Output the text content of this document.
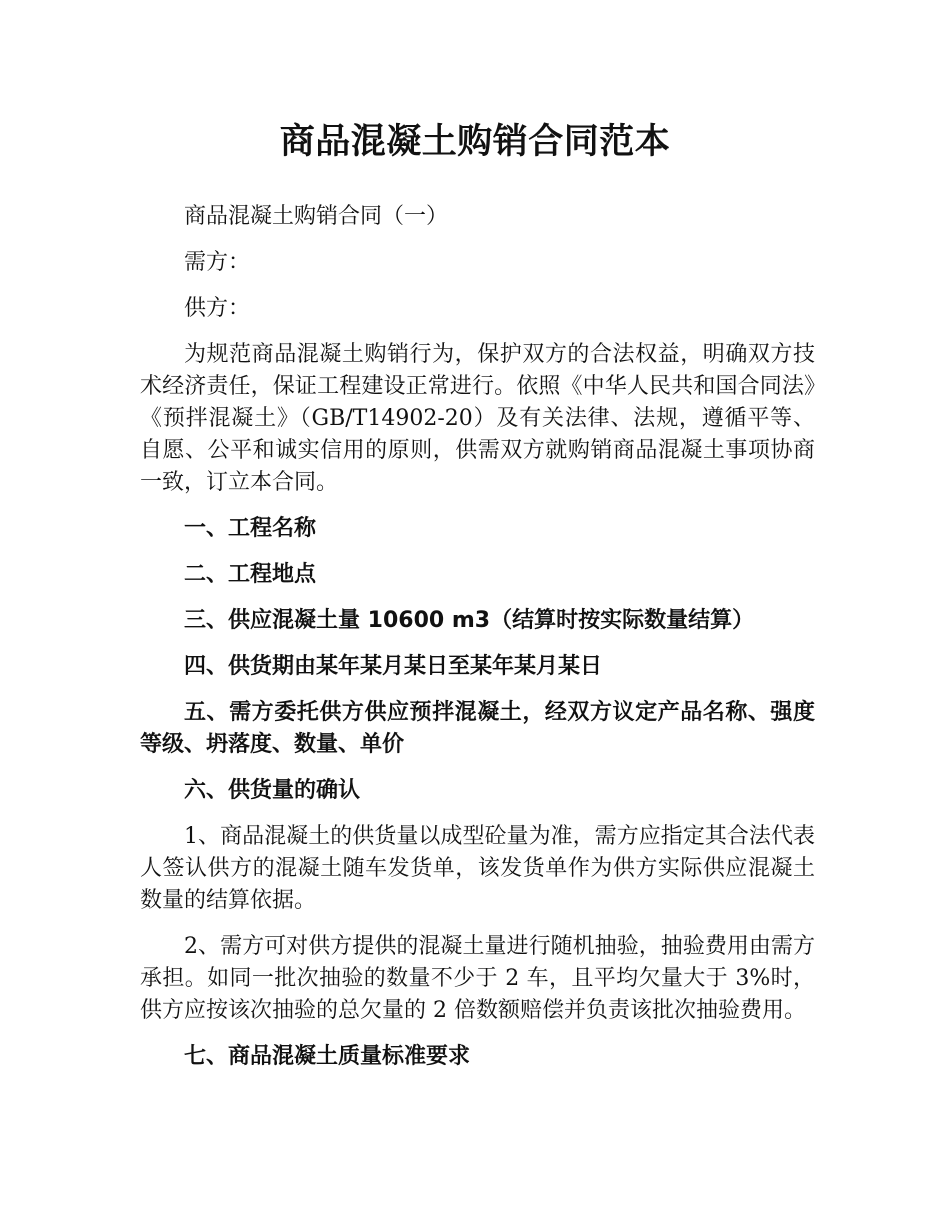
商品混凝土购销合同范本

商品混凝土购销合同（一）

需方：

供方：

为规范商品混凝土购销行为，保护双方的合法权益，明确双方技术经济责任，保证工程建设正常进行。依照《中华人民共和国合同法》《预拌混凝土》（GB/T14902-20）及有关法律、法规，遵循平等、自愿、公平和诚实信用的原则，供需双方就购销商品混凝土事项协商一致，订立本合同。

一、工程名称

二、工程地点

三、供应混凝土量 10600 m3（结算时按实际数量结算）

四、供货期由某年某月某日至某年某月某日

五、需方委托供方供应预拌混凝土，经双方议定产品名称、强度等级、坍落度、数量、单价

六、供货量的确认

1、商品混凝土的供货量以成型砼量为准，需方应指定其合法代表人签认供方的混凝土随车发货单，该发货单作为供方实际供应混凝土数量的结算依据。

2、需方可对供方提供的混凝土量进行随机抽验，抽验费用由需方承担。如同一批次抽验的数量不少于 2 车，且平均欠量大于 3%时，供方应按该次抽验的总欠量的 2 倍数额赔偿并负责该批次抽验费用。

七、商品混凝土质量标准要求
